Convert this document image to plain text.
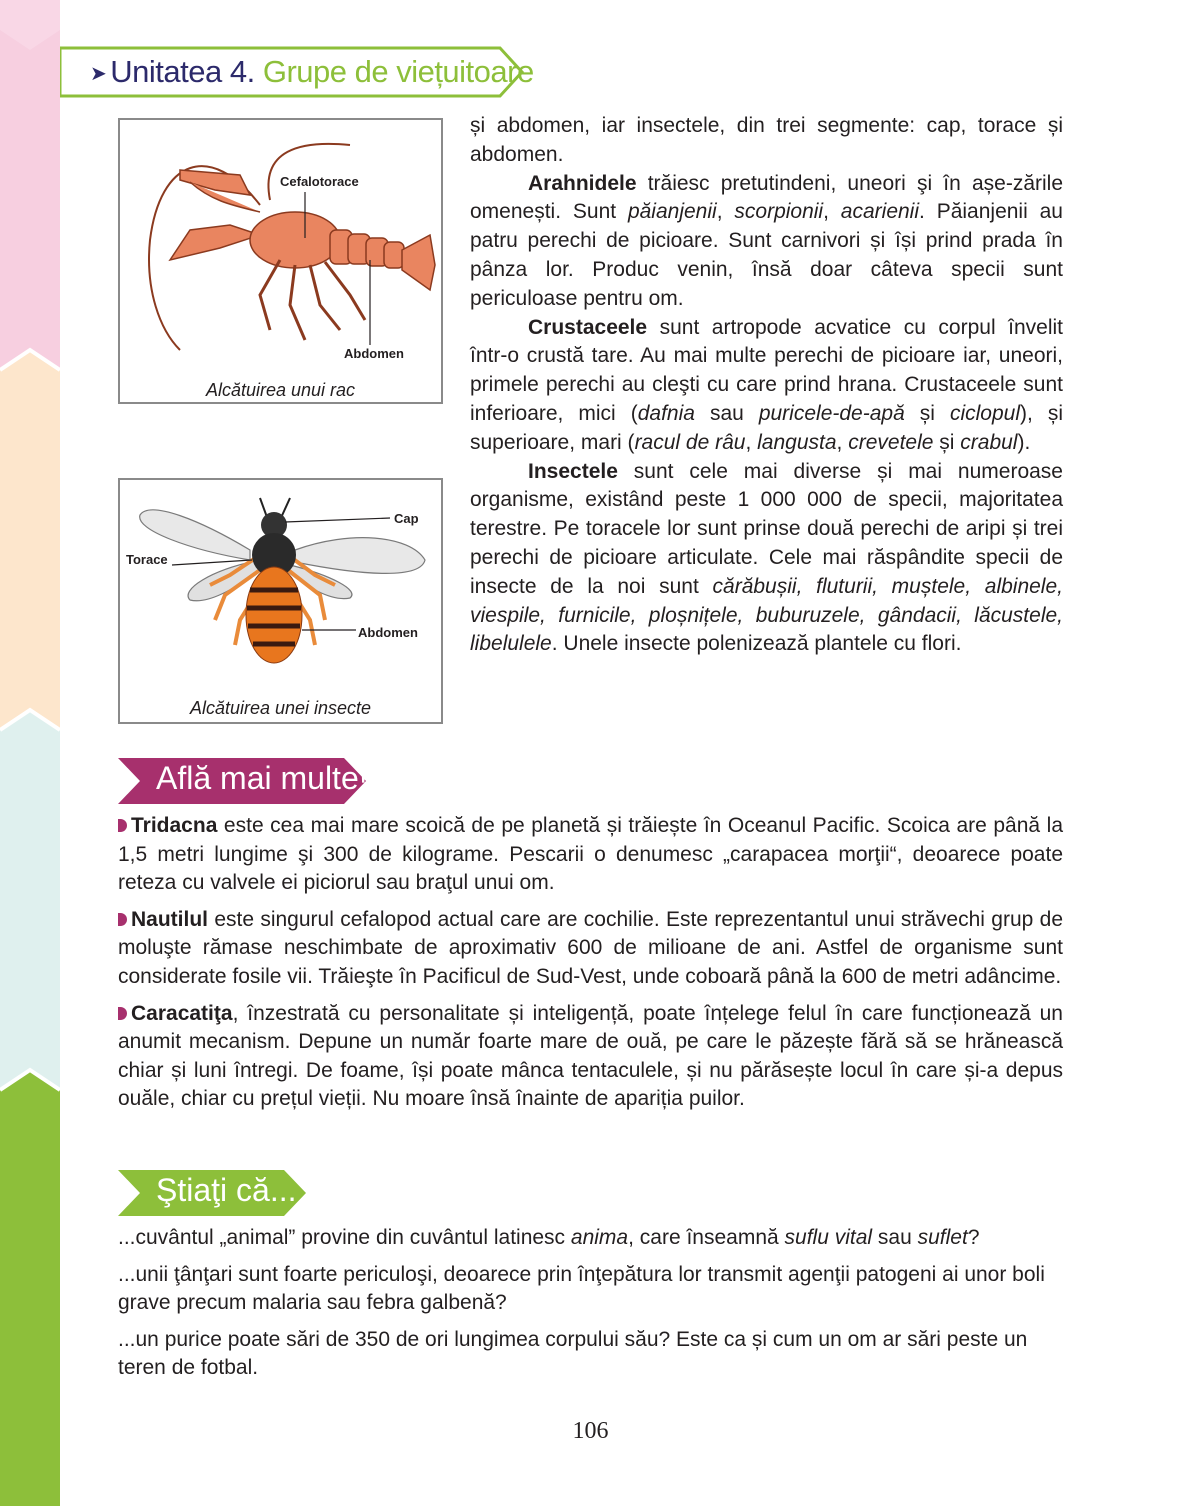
➤ Unitatea 4. Grupe de viețuitoare
Cefalotorace
Abdomen
Alcătuirea unui rac
Cap
Torace
Abdomen
Alcătuirea unei insecte

și abdomen, iar insectele, din trei segmente: cap, torace și abdomen.

Arahnidele trăiesc pretutindeni, uneori şi în așe-zările omenești. Sunt păianjenii, scorpionii, acarienii. Păianjenii au patru perechi de picioare. Sunt carnivori și își prind prada în pânza lor. Produc venin, însă doar câteva specii sunt periculoase pentru om.

Crustaceele sunt artropode acvatice cu corpul învelit într-o crustă tare. Au mai multe perechi de picioare iar, uneori, primele perechi au cleşti cu care prind hrana. Crustaceele sunt inferioare, mici (dafnia sau puricele-de-apă și ciclopul), și superioare, mari (racul de râu, langusta, crevetele și crabul).

Insectele sunt cele mai diverse și mai numeroase organisme, existând peste 1 000 000 de specii, majoritatea terestre. Pe toracele lor sunt prinse două perechi de aripi și trei perechi de picioare articulate. Cele mai răspândite specii de insecte de la noi sunt cărăbușii, fluturii, muștele, albinele, viespile, furnicile, ploșnițele, buburuzele, gândacii, lăcustele, libelulele. Unele insecte polenizează plantele cu flori.

Află mai multe!

Tridacna este cea mai mare scoică de pe planetă și trăiește în Oceanul Pacific. Scoica are până la 1,5 metri lungime şi 300 de kilograme. Pescarii o denumesc „carapacea morţii“, deoarece poate reteza cu valvele ei piciorul sau braţul unui om.

Nautilul este singurul cefalopod actual care are cochilie. Este reprezentantul unui străvechi grup de moluşte rămase neschimbate de aproximativ 600 de milioane de ani. Astfel de organisme sunt considerate fosile vii. Trăieşte în Pacificul de Sud-Vest, unde coboară până la 600 de metri adâncime.

Caracatiţa, înzestrată cu personalitate și inteligență, poate înțelege felul în care funcționează un anumit mecanism. Depune un număr foarte mare de ouă, pe care le păzește fără să se hrănească chiar și luni întregi. De foame, își poate mânca tentaculele, și nu părăsește locul în care și-a depus ouăle, chiar cu prețul vieții. Nu moare însă înainte de apariția puilor.

Ştiaţi că...

...cuvântul „animal” provine din cuvântul latinesc anima, care înseamnă suflu vital sau suflet?

...unii ţânţari sunt foarte periculoşi, deoarece prin înţepătura lor transmit agenţii patogeni ai unor boli grave precum malaria sau febra galbenă?

...un purice poate sări de 350 de ori lungimea corpului său? Este ca și cum un om ar sări peste un teren de fotbal.

106
